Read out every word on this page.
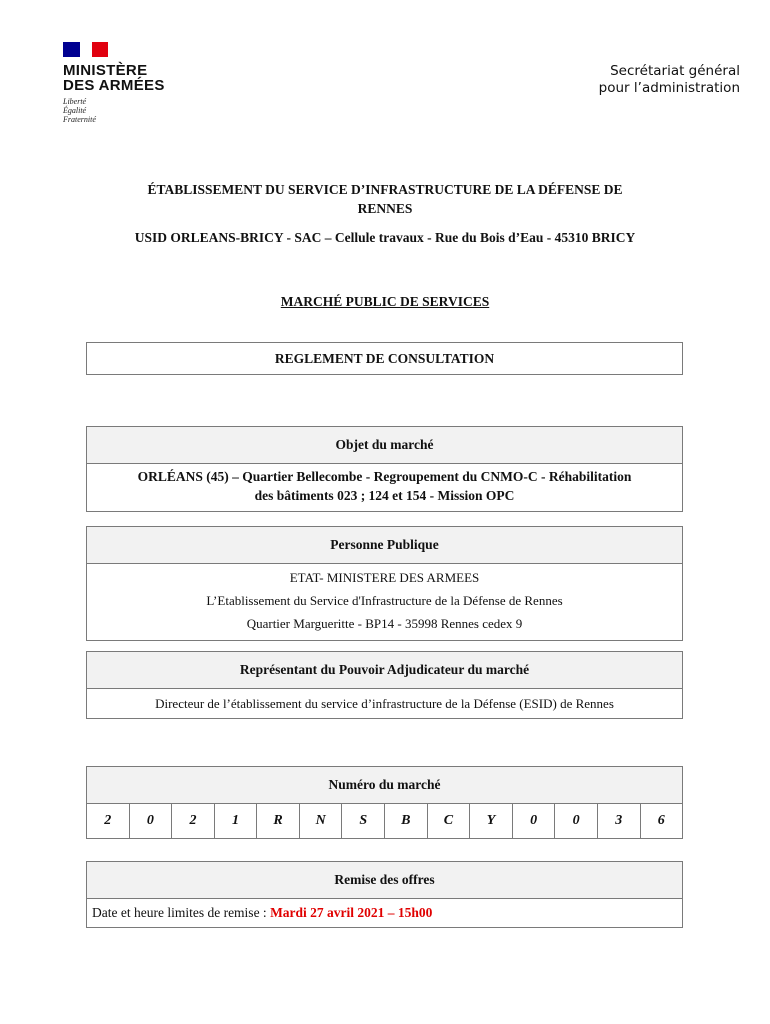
MINISTÈRE
DES ARMÉES
Liberté
Égalité
Fraternité
Secrétariat général
pour l’administration
ÉTABLISSEMENT DU SERVICE D’INFRASTRUCTURE DE LA DÉFENSE DE
RENNES
USID ORLEANS-BRICY - SAC – Cellule travaux - Rue du Bois d’Eau - 45310 BRICY
MARCHÉ PUBLIC DE SERVICES
REGLEMENT DE CONSULTATION
Objet du marché
ORLÉANS (45) – Quartier Bellecombe - Regroupement du CNMO-C - Réhabilitation
des bâtiments 023 ; 124 et 154 - Mission OPC
Personne Publique
ETAT- MINISTERE DES ARMEES
L’Etablissement du Service d'Infrastructure de la Défense de Rennes
Quartier Margueritte - BP14 - 35998 Rennes cedex 9
Représentant du Pouvoir Adjudicateur du marché
Directeur de l’établissement du service d’infrastructure de la Défense (ESID) de Rennes
Numéro du marché
2	0	2	1	R	N	S	B	C	Y	0	0	3	6
Remise des offres
Date et heure limites de remise : Mardi 27 avril 2021 – 15h00
